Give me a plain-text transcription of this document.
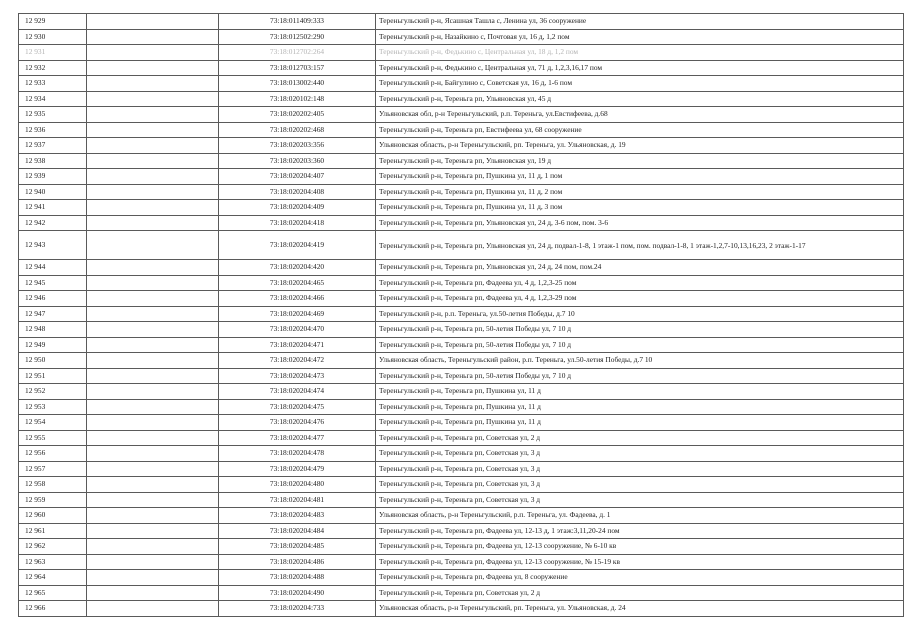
12 929		73:18:011409:333	Тереньгульский р-н, Ясашная Ташла с, Ленина ул, 36 сооружение
12 930		73:18:012502:290	Тереньгульский р-н, Назайкино с, Почтовая ул, 16 д, 1,2 пом
12 931		73:18:012702:264	Тереньгульский р-н, Федькино с, Центральная ул, 18 д, 1,2 пом
12 932		73:18:012703:157	Тереньгульский р-н, Федькино с, Центральная ул, 71 д, 1,2,3,16,17 пом
12 933		73:18:013002:440	Тереньгульский р-н, Байгулино с, Советская ул, 16 д, 1-6 пом
12 934		73:18:020102:148	Тереньгульский р-н, Тереньга рп, Ульяновская ул, 45 д
12 935		73:18:020202:405	Ульяновская обл, р-н Тереньгульский, р.п. Тереньга, ул.Евстифеева, д.68
12 936		73:18:020202:468	Тереньгульский р-н, Тереньга рп, Евстифеева ул, 68 сооружение
12 937		73:18:020203:356	Ульяновская область, р-н Тереньгульский, рп. Тереньга, ул. Ульяновская, д. 19
12 938		73:18:020203:360	Тереньгульский р-н, Тереньга рп, Ульяновская ул, 19 д
12 939		73:18:020204:407	Тереньгульский р-н, Тереньга рп, Пушкина ул, 11 д, 1 пом
12 940		73:18:020204:408	Тереньгульский р-н, Тереньга рп, Пушкина ул, 11 д, 2 пом
12 941		73:18:020204:409	Тереньгульский р-н, Тереньга рп, Пушкина ул, 11 д, 3 пом
12 942		73:18:020204:418	Тереньгульский р-н, Тереньга рп, Ульяновская ул, 24 д, 3-6 пом, пом. 3-6
12 943		73:18:020204:419	Тереньгульский р-н, Тереньга рп, Ульяновская ул, 24 д, подвал-1-8, 1 этаж-1 пом, пом. подвал-1-8, 1 этаж-1,2,7-10,13,16,23, 2 этаж-1-17
12 944		73:18:020204:420	Тереньгульский р-н, Тереньга рп, Ульяновская ул, 24 д, 24 пом, пом.24
12 945		73:18:020204:465	Тереньгульский р-н, Тереньга рп, Фадеева ул, 4 д, 1,2,3-25 пом
12 946		73:18:020204:466	Тереньгульский р-н, Тереньга рп, Фадеева ул, 4 д, 1,2,3-29 пом
12 947		73:18:020204:469	Тереньгульский р-н, р.п. Тереньга, ул.50-летия Победы, д.7 10
12 948		73:18:020204:470	Тереньгульский р-н, Тереньга рп, 50-летия Победы ул, 7 10 д
12 949		73:18:020204:471	Тереньгульский р-н, Тереньга рп, 50-летия Победы ул, 7 10 д
12 950		73:18:020204:472	Ульяновская область, Тереньгульский район, р.п. Тереньга, ул.50-летия Победы, д.7 10
12 951		73:18:020204:473	Тереньгульский р-н, Тереньга рп, 50-летия Победы ул, 7 10 д
12 952		73:18:020204:474	Тереньгульский р-н, Тереньга рп, Пушкина ул, 11 д
12 953		73:18:020204:475	Тереньгульский р-н, Тереньга рп, Пушкина ул, 11 д
12 954		73:18:020204:476	Тереньгульский р-н, Тереньга рп, Пушкина ул, 11 д
12 955		73:18:020204:477	Тереньгульский р-н, Тереньга рп, Советская ул, 2 д
12 956		73:18:020204:478	Тереньгульский р-н, Тереньга рп, Советская ул, 3 д
12 957		73:18:020204:479	Тереньгульский р-н, Тереньга рп, Советская ул, 3 д
12 958		73:18:020204:480	Тереньгульский р-н, Тереньга рп, Советская ул, 3 д
12 959		73:18:020204:481	Тереньгульский р-н, Тереньга рп, Советская ул, 3 д
12 960		73:18:020204:483	Ульяновская область, р-н Тереньгульский, р.п. Тереньга, ул. Фадеева, д. 1
12 961		73:18:020204:484	Тереньгульский р-н, Тереньга рп, Фадеева ул, 12-13 д, 1 этаж:3,11,20-24 пом
12 962		73:18:020204:485	Тереньгульский р-н, Тереньга рп, Фадеева ул, 12-13 сооружение, № 6-10 кв
12 963		73:18:020204:486	Тереньгульский р-н, Тереньга рп, Фадеева ул, 12-13 сооружение, № 15-19 кв
12 964		73:18:020204:488	Тереньгульский р-н, Тереньга рп, Фадеева ул, 8 сооружение
12 965		73:18:020204:490	Тереньгульский р-н, Тереньга рп, Советская ул, 2 д
12 966		73:18:020204:733	Ульяновская область, р-н Тереньгульский, рп. Тереньга, ул. Ульяновская, д. 24
